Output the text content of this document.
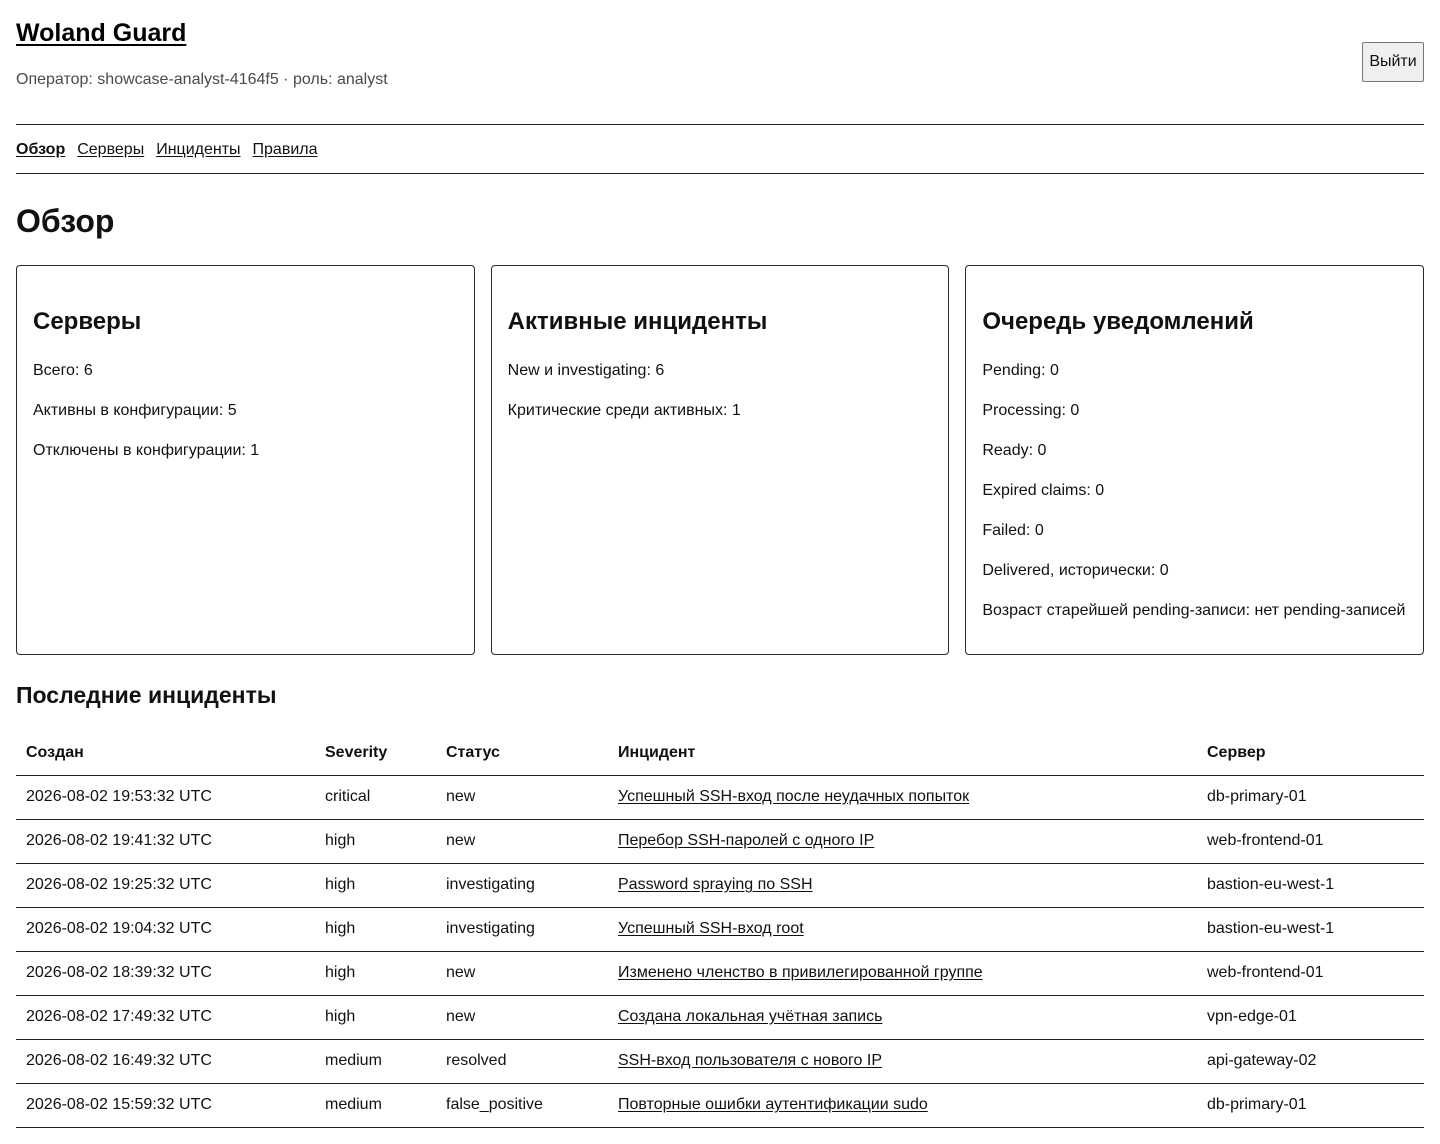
Woland Guard

Оператор: showcase-analyst-4164f5 · роль: analyst

Выйти
Обзор Серверы Инциденты Правила
Обзор
Серверы
Всего: 6
Активны в конфигурации: 5
Отключены в конфигурации: 1
Активные инциденты
New и investigating: 6
Критические среди активных: 1
Очередь уведомлений
Pending: 0
Processing: 0
Ready: 0
Expired claims: 0
Failed: 0
Delivered, исторически: 0
Возраст старейшей pending-записи: нет pending-записей
Последние инциденты
Создан	Severity	Статус	Инцидент	Сервер
2026-08-02 19:53:32 UTC	critical	new	Успешный SSH-вход после неудачных попыток	db-primary-01
2026-08-02 19:41:32 UTC	high	new	Перебор SSH-паролей с одного IP	web-frontend-01
2026-08-02 19:25:32 UTC	high	investigating	Password spraying по SSH	bastion-eu-west-1
2026-08-02 19:04:32 UTC	high	investigating	Успешный SSH-вход root	bastion-eu-west-1
2026-08-02 18:39:32 UTC	high	new	Изменено членство в привилегированной группе	web-frontend-01
2026-08-02 17:49:32 UTC	high	new	Создана локальная учётная запись	vpn-edge-01
2026-08-02 16:49:32 UTC	medium	resolved	SSH-вход пользователя с нового IP	api-gateway-02
2026-08-02 15:59:32 UTC	medium	false_positive	Повторные ошибки аутентификации sudo	db-primary-01
